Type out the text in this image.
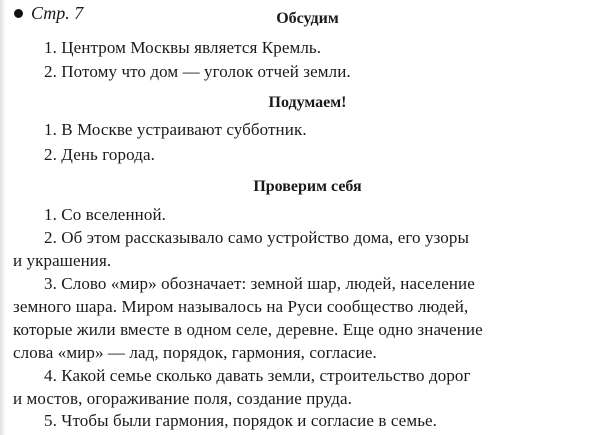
Стр. 7	Обсудим
1. Центром Москвы является Кремль.
2. Потому что дом — уголок отчей земли.
Подумаем!
1. В Москве устраивают субботник.
2. День города.
Проверим себя
1. Со вселенной.
2. Об этом рассказывало само устройство дома, его узоры
и украшения.
3. Слово «мир» обозначает: земной шар, людей, население
земного шара. Миром называлось на Руси сообщество людей,
которые жили вместе в одном селе, деревне. Еще одно значение
слова «мир» — лад, порядок, гармония, согласие.
4. Какой семье сколько давать земли, строительство дорог
и мостов, огораживание поля, создание пруда.
5. Чтобы были гармония, порядок и согласие в семье.
